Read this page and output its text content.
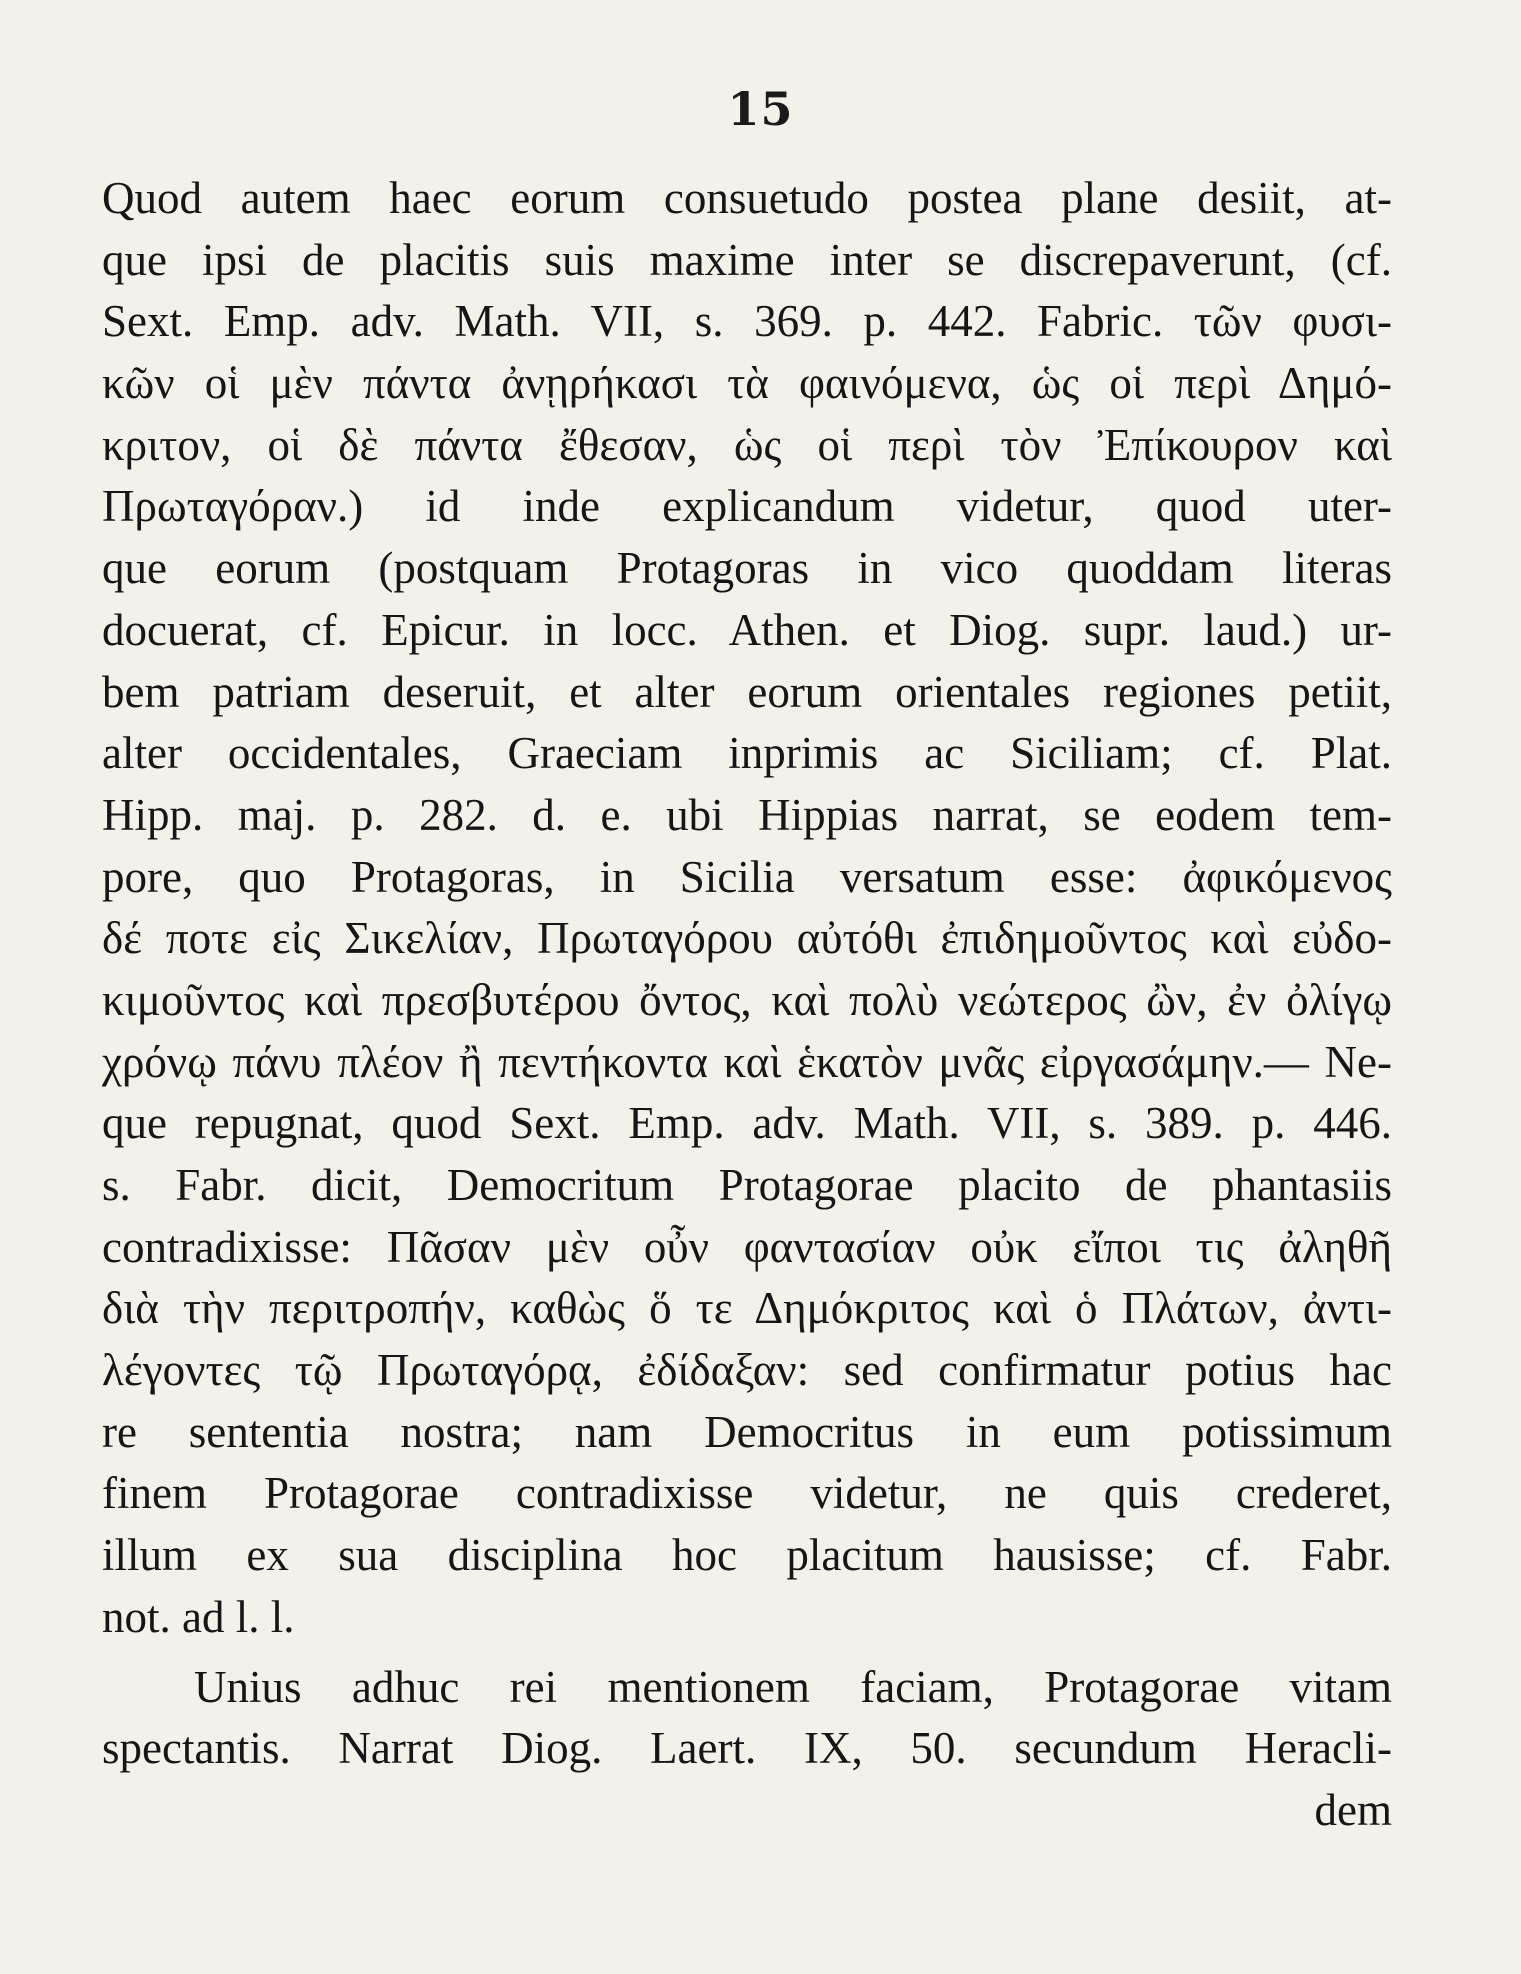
15
Quod autem haec eorum consuetudo postea plane desiit, at-
que ipsi de placitis suis maxime inter se discrepaverunt, (cf.
Sext. Emp. adv. Math. VII, s. 369. p. 442. Fabric. τῶν φυσι-
κῶν οἱ μὲν πάντα ἀνῃρήκασι τὰ φαινόμενα, ὡς οἱ περὶ Δημό-
κριτον, οἱ δὲ πάντα ἔθεσαν, ὡς οἱ περὶ τὸν Ἐπίκουρον καὶ
Πρωταγόραν.) id inde explicandum videtur, quod uter-
que eorum (postquam Protagoras in vico quoddam literas
docuerat, cf. Epicur. in locc. Athen. et Diog. supr. laud.) ur-
bem patriam deseruit, et alter eorum orientales regiones petiit,
alter occidentales, Graeciam inprimis ac Siciliam; cf. Plat.
Hipp. maj. p. 282. d. e. ubi Hippias narrat, se eodem tem-
pore, quo Protagoras, in Sicilia versatum esse: ἀφικόμενος
δέ ποτε εἰς Σικελίαν, Πρωταγόρου αὐτόθι ἐπιδημοῦντος καὶ εὐδο-
κιμοῦντος καὶ πρεσβυτέρου ὄντος, καὶ πολὺ νεώτερος ὢν, ἐν ὀλίγῳ
χρόνῳ πάνυ πλέον ἢ πεντήκοντα καὶ ἑκατὸν μνᾶς εἰργασάμην.— Ne-
que repugnat, quod Sext. Emp. adv. Math. VII, s. 389. p. 446.
s. Fabr. dicit, Democritum Protagorae placito de phantasiis
contradixisse: Πᾶσαν μὲν οὖν φαντασίαν οὐκ εἴποι τις ἀληθῆ
διὰ τὴν περιτροπήν, καθὼς ὅ τε Δημόκριτος καὶ ὁ Πλάτων, ἀντι-
λέγοντες τῷ Πρωταγόρᾳ, ἐδίδαξαν: sed confirmatur potius hac
re sententia nostra; nam Democritus in eum potissimum
finem Protagorae contradixisse videtur, ne quis crederet,
illum ex sua disciplina hoc placitum hausisse; cf. Fabr.
not. ad l. l.
Unius adhuc rei mentionem faciam, Protagorae vitam
spectantis. Narrat Diog. Laert. IX, 50. secundum Heracli-
dem
